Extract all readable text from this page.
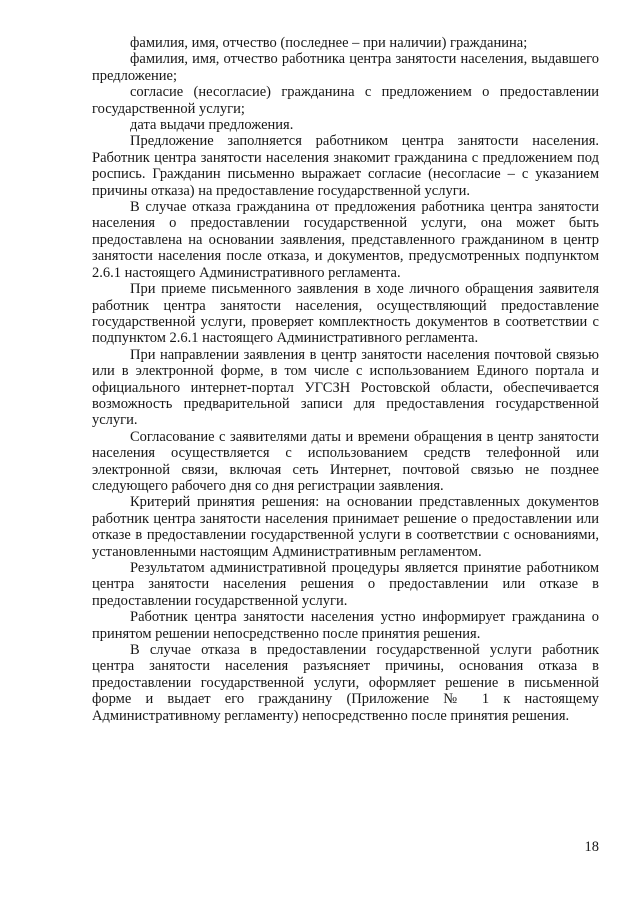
фамилия, имя, отчество (последнее – при наличии) гражданина;

фамилия, имя, отчество работника центра занятости населения, выдавшего предложение;

согласие (несогласие) гражданина с предложением о предоставлении государственной услуги;

дата выдачи предложения.

Предложение заполняется работником центра занятости населения. Работник центра занятости населения знакомит гражданина с предложением под роспись. Гражданин письменно выражает согласие (несогласие – с указанием причины отказа) на предоставление государственной услуги.

В случае отказа гражданина от предложения работника центра занятости населения о предоставлении государственной услуги, она может быть предоставлена на основании заявления, представленного гражданином в центр занятости населения после отказа, и документов, предусмотренных подпунктом 2.6.1 настоящего Административного регламента.

При приеме письменного заявления в ходе личного обращения заявителя работник центра занятости населения, осуществляющий предоставление государственной услуги, проверяет комплектность документов в соответствии с подпунктом 2.6.1 настоящего Административного регламента.

При направлении заявления в центр занятости населения почтовой связью или в электронной форме, в том числе с использованием Единого портала и официального интернет-портал УГСЗН Ростовской области, обеспечивается возможность предварительной записи для предоставления государственной услуги.

Согласование с заявителями даты и времени обращения в центр занятости населения осуществляется с использованием средств телефонной или электронной связи, включая сеть Интернет, почтовой связью не позднее следующего рабочего дня со дня регистрации заявления.

Критерий принятия решения: на основании представленных документов работник центра занятости населения принимает решение о предоставлении или отказе в предоставлении государственной услуги в соответствии с основаниями, установленными настоящим Административным регламентом.

Результатом административной процедуры является принятие работником центра занятости населения решения о предоставлении или отказе в предоставлении государственной услуги.

Работник центра занятости населения устно информирует гражданина о принятом решении непосредственно после принятия решения.

В случае отказа в предоставлении государственной услуги работник центра занятости населения разъясняет причины, основания отказа в предоставлении государственной услуги, оформляет решение в письменной форме и выдает его гражданину (Приложение № 1 к настоящему Административному регламенту) непосредственно после принятия решения.

18
